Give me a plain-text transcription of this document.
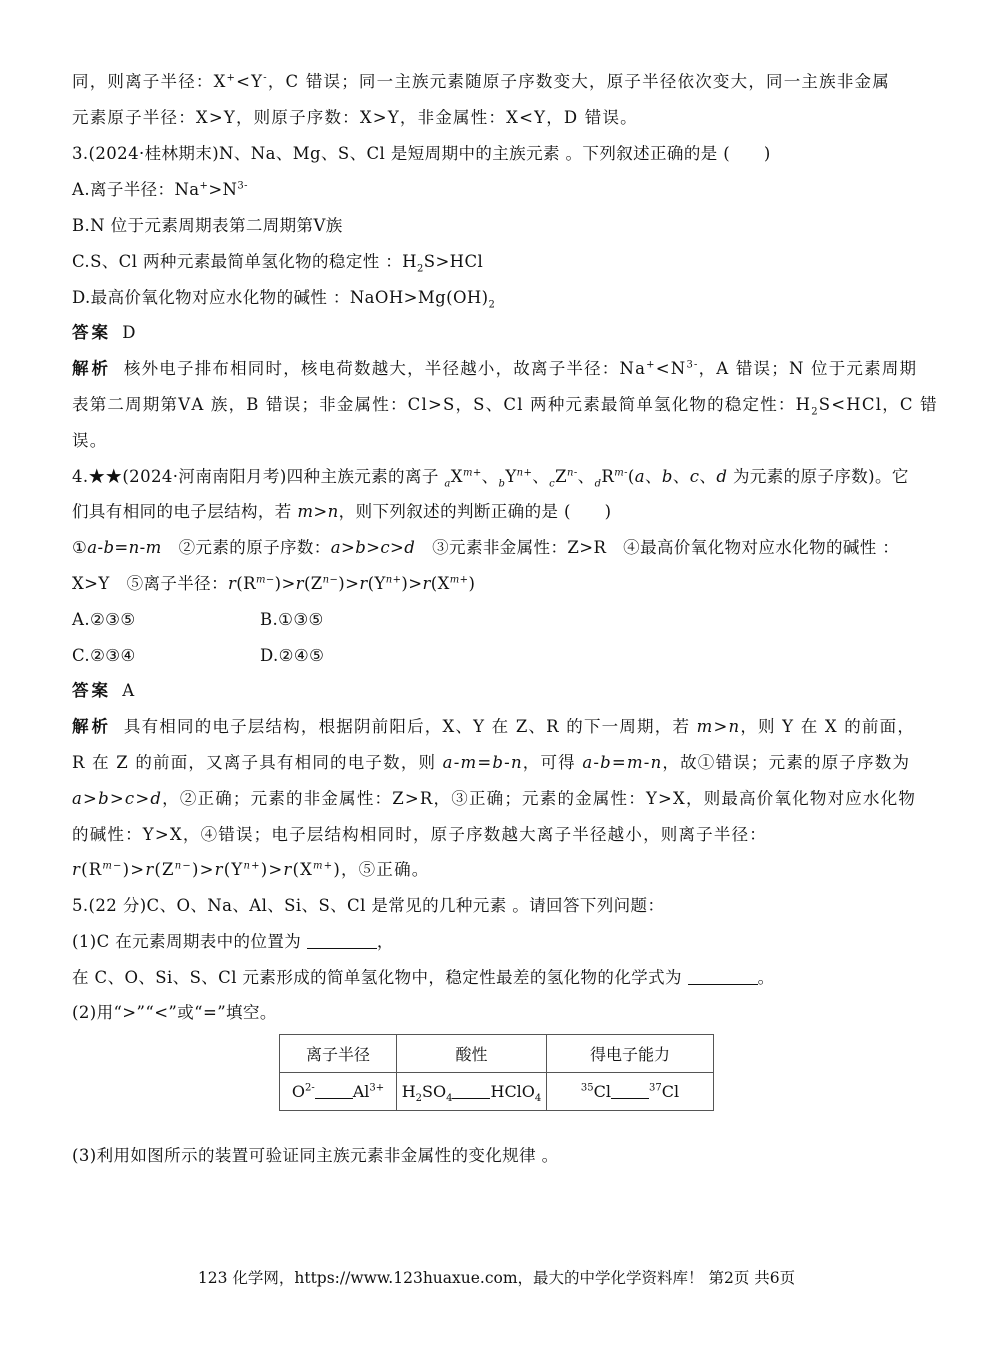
同，则离子半径：X+<Y-，C 错误；同一主族元素随原子序数变大，原子半径依次变大，同一主族非金属
元素原子半径：X>Y，则原子序数：X>Y，非金属性：X<Y，D 错误。
3.(2024·桂林期末)N、Na、Mg、S、Cl 是短周期中的主族元素 。下列叙述正确的是 (　　)
A.离子半径：$Na^+>N^{3-}$
B.N 位于元素周期表第二周期第Ⅴ族
C.S、Cl 两种元素最简单氢化物的稳定性 ：$H_2S>HCl$
D.最高价氧化物对应水化物的碱性 ：$NaOH>Mg(OH)_2$
答案 D
解析 核外电子排布相同时，核电荷数越大，半径越小，故离子半径：$Na^+<N^{3-}$，A 错误；N 位于元素周期
表第二周期第ⅤA 族，B 错误；非金属性：Cl>S，S、Cl 两种元素最简单氢化物的稳定性：$H_2S<HCl$，C 错
误。
4.★★(2024·河南南阳月考)四种主族元素的离子 $_aX^{m+}$、$_bY^{n+}$、$_cZ^{n-}$、$_dR^{m-}(a$、b、c、d 为元素的原子序数)。它
们具有相同的电子层结构，若 m>n，则下列叙述的判断正确的是 (　　)
①a-b=n-m　②元素的原子序数：a>b>c>d　③元素非金属性：Z>R　④最高价氧化物对应水化物的碱性 ：
X>Y　⑤离子半径：$r(R^{m-})>r(Z^{n-})>r(Y^{n+})>r(X^{m+})$
A.②③⑤	B.①③⑤
C.②③④	D.②④⑤
答案 A
解析 具有相同的电子层结构，根据阴前阳后，X、Y 在 Z、R 的下一周期，若 m>n，则 Y 在 X 的前面，
R 在 Z 的前面，又离子具有相同的电子数，则 a-m=b-n，可得 a-b=m-n，故①错误；元素的原子序数为
a>b>c>d，②正确；元素的非金属性：Z>R，③正确；元素的金属性：Y>X，则最高价氧化物对应水化物
的碱性：Y>X，④错误；电子层结构相同时，原子序数越大离子半径越小，则离子半径：
$r(R^{m-})>r(Z^{n-})>r(Y^{n+})>r(X^{m+})$，⑤正确。
5.(22 分)C、O、Na、Al、Si、S、Cl 是常见的几种元素 。请回答下列问题：
(1)C 在元素周期表中的位置为	，
在 C、O、Si、S、Cl 元素形成的简单氢化物中，稳定性最差的氢化物的化学式为	。
(2)用“>”“<”或“=”填空。
离子半径	酸性	得电子能力
$O^{2-}$ $Al^{3+}$	$H_2SO_4$ HClO$_4$	$^{35}$Cl $^{37}$Cl
(3)利用如图所示的装置可验证同主族元素非金属性的变化规律 。
123 化学网，https://www.123huaxue.com，最大的中学化学资料库！ 第2页 共6页
